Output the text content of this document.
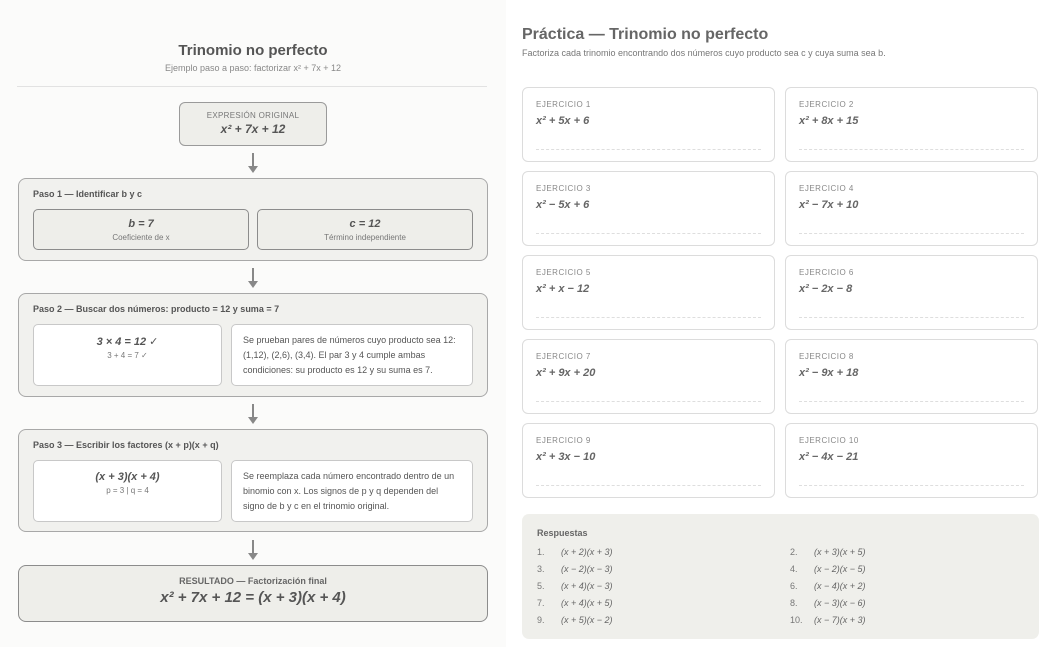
Trinomio no perfecto
Ejemplo paso a paso: factorizar x² + 7x + 12
EXPRESIÓN ORIGINAL
x² + 7x + 12
Paso 1 — Identificar b y c
b = 7
Coeficiente de x
c = 12
Término independiente
Paso 2 — Buscar dos números: producto = 12 y suma = 7
3 × 4 = 12 ✓
3 + 4 = 7 ✓
Se prueban pares de números cuyo producto sea 12: (1,12), (2,6), (3,4). El par 3 y 4 cumple ambas condiciones: su producto es 12 y su suma es 7.
Paso 3 — Escribir los factores (x + p)(x + q)
(x + 3)(x + 4)
p = 3 | q = 4
Se reemplaza cada número encontrado dentro de un binomio con x. Los signos de p y q dependen del signo de b y c en el trinomio original.
RESULTADO — Factorización final
x² + 7x + 12 = (x + 3)(x + 4)
Práctica — Trinomio no perfecto
Factoriza cada trinomio encontrando dos números cuyo producto sea c y cuya suma sea b.
EJERCICIO 1
x² + 5x + 6
EJERCICIO 2
x² + 8x + 15
EJERCICIO 3
x² − 5x + 6
EJERCICIO 4
x² − 7x + 10
EJERCICIO 5
x² + x − 12
EJERCICIO 6
x² − 2x − 8
EJERCICIO 7
x² + 9x + 20
EJERCICIO 8
x² − 9x + 18
EJERCICIO 9
x² + 3x − 10
EJERCICIO 10
x² − 4x − 21
Respuestas
1. (x + 2)(x + 3)	2. (x + 3)(x + 5)
3. (x − 2)(x − 3)	4. (x − 2)(x − 5)
5. (x + 4)(x − 3)	6. (x − 4)(x + 2)
7. (x + 4)(x + 5)	8. (x − 3)(x − 6)
9. (x + 5)(x − 2)	10. (x − 7)(x + 3)
